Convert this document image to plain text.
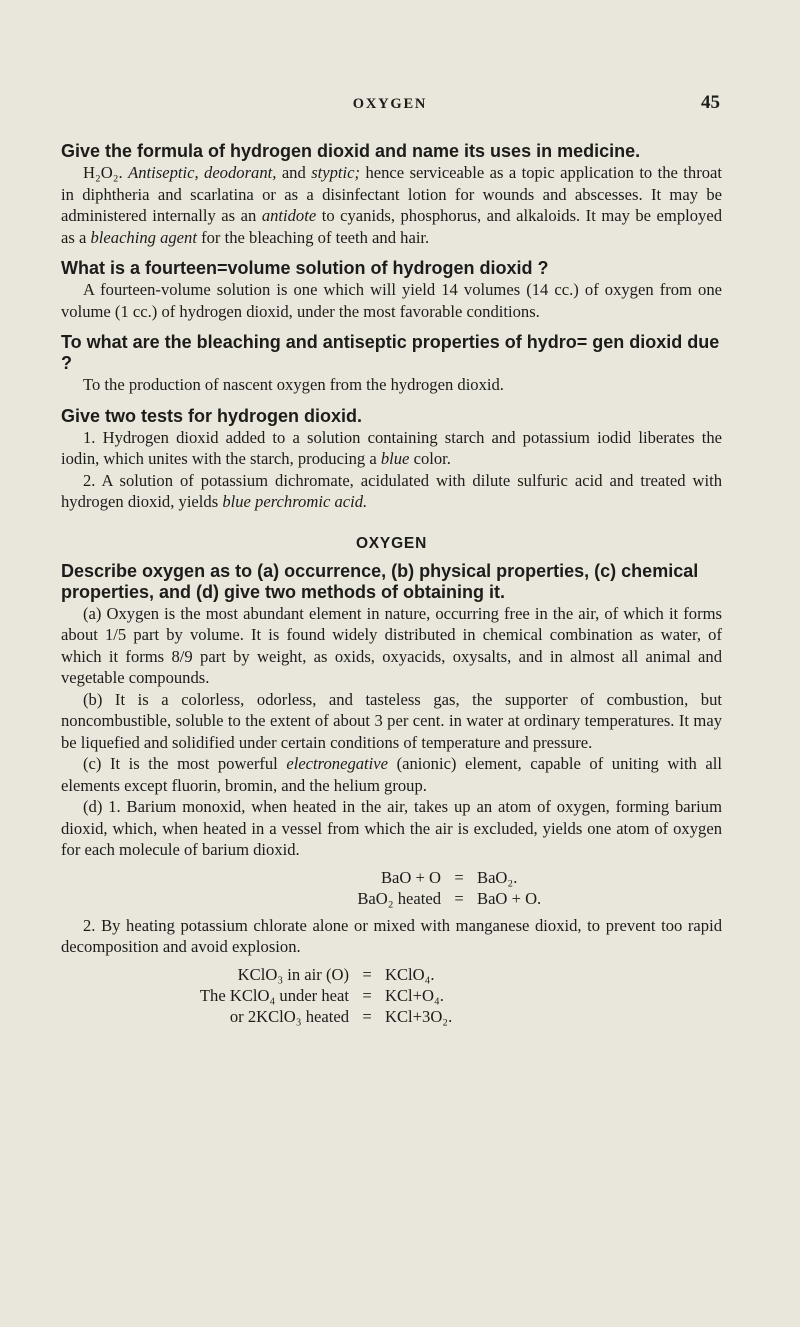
OXYGEN	45

Give the formula of hydrogen dioxid and name its uses in medicine.

H₂O₂. Antiseptic, deodorant, and styptic; hence serviceable as a topic application to the throat in diphtheria and scarlatina or as a disinfectant lotion for wounds and abscesses. It may be administered internally as an antidote to cyanids, phosphorus, and alkaloids. It may be employed as a bleaching agent for the bleaching of teeth and hair.

What is a fourteen=volume solution of hydrogen dioxid ?

A fourteen-volume solution is one which will yield 14 volumes (14 cc.) of oxygen from one volume (1 cc.) of hydrogen dioxid, under the most favorable conditions.

To what are the bleaching and antiseptic properties of hydro= gen dioxid due ?

To the production of nascent oxygen from the hydrogen dioxid.

Give two tests for hydrogen dioxid.

1. Hydrogen dioxid added to a solution containing starch and potassium iodid liberates the iodin, which unites with the starch, producing a blue color.

2. A solution of potassium dichromate, acidulated with dilute sulfuric acid and treated with hydrogen dioxid, yields blue perchromic acid.

OXYGEN

Describe oxygen as to (a) occurrence, (b) physical properties, (c) chemical properties, and (d) give two methods of obtaining it.

(a) Oxygen is the most abundant element in nature, occurring free in the air, of which it forms about 1/5 part by volume. It is found widely distributed in chemical combination as water, of which it forms 8/9 part by weight, as oxids, oxyacids, oxysalts, and in almost all animal and vegetable compounds.

(b) It is a colorless, odorless, and tasteless gas, the supporter of combustion, but noncombustible, soluble to the extent of about 3 per cent. in water at ordinary temperatures. It may be liquefied and solidified under certain conditions of temperature and pressure.

(c) It is the most powerful electronegative (anionic) element, capable of uniting with all elements except fluorin, bromin, and the helium group.

(d) 1. Barium monoxid, when heated in the air, takes up an atom of oxygen, forming barium dioxid, which, when heated in a vessel from which the air is excluded, yields one atom of oxygen for each molecule of barium dioxid.

BaO + O = BaO₂.

BaO₂ heated = BaO + O.

2. By heating potassium chlorate alone or mixed with manganese dioxid, to prevent too rapid decomposition and avoid explosion.

KClO₃ in air (O) = KClO₄.

The KClO₄ under heat = KCl+O₄.

or 2KClO₃ heated = KCl+3O₂.
